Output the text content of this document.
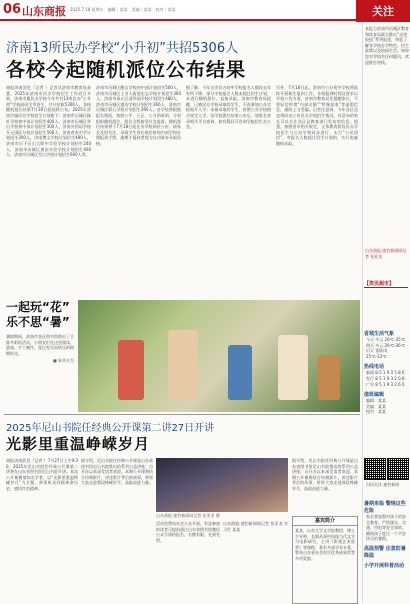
06 山东商报 2025.7.18 星期五　编辑｜某某　美编｜某某　校对｜某某	关注
济南13所民办学校“小升初”共招5306人
各校今起随机派位公布结果
商报济南消息（记者 ）记者从济南市教育局获悉，2025年济南市民办学校招生工作近日开展，济南市属民办学校今年共有13所民办“小升初”学校面向全市招生，共计招收5306人，各校随机派位结果7月18日起陆续公布。2025年济南市属民办学校招生计划如下：济南市历城区稼轩学校初中部计划招生400人，济南市历城区华山学校初中部计划招生300人，济南外国语学校开元国际分校计划招生500人，济南育英中学计划招生300人，济南博文学校计划招生480人，济南市历下区山大附中实验学校计划招生240人，济南市历城区唐冶实验学校计划招生400人，济南市历城区雪山学校计划招生600人等。
济南市历城区鲍山学校初中部计划招生500人，济南市历城区王舍人街道宏志学校计划招生360人，济南市章丘区清华园学校计划招生480人，济南市历城区港沟学校计划招生366人，济南市历城区彩石学校计划招生380人。各学校将根据报名情况，按照公平、公正、公开的原则，分别组织随机派位，派位全程接受社会监督。随机派位结果将于7月18日起在各学校网站公布，请家长及时关注。录取学生须在规定时间内到学校办理报到手续，逾期不报到者视为自动放弃录取资格。
据了解，今年全市民办初中学校报名人数较去年有所下降，部分学校报名人数未超过招生计划，未进行随机派位，直接录取。济南市教育局提醒，已被民办学校录取的学生，不再参加公办学校划片入学；未被录取的学生，按照公办学校相关规定入学。各学校派位结果公布后，请家长登录相关平台查询，如有疑问可咨询学校招生办公室。
另外，7月18日起，济南市公办初中学校将陆续开展新生报到工作，各校报到时间及要求以学校公告为准。济南市教育局还提醒家长，不要轻信所谓“内部名额”“特殊渠道”等虚假信息，谨防上当受骗。记者注意到，今年各区县也将同步公布民办学校招生情况，有意向的家长可以关注各区县教育部门发布的信息。据悉，按照省市相关规定，义务教育阶段民办学校招生与公办学校同步进行，实行“公民同招”，对报名人数超过招生计划的，实行电脑随机录取。
一起玩“花”
乐不思“暑”
暑假期间，济南市各区图书馆推出了丰富多彩的活动，小朋友们在这里阅读、游戏、手工制作，度过充实而快乐的假期时光。
■ 新华社发
本报与济南市历城区教育和体育局联合推出“走进校园”系列报道，带您了解各学校办学特色、招生政策以及校园生活。如果您对学校有任何疑问，欢迎拨打热线。
山东商报·速豹新闻网记者 张亚龙
【资讯超市】
省城生活气象
今天 多云 26℃-35℃
明天 多云 26℃-36℃
后天 雷阵雨 25℃-33℃
热线电话
新闻 8 5 1 9 3 5 8 6
发行 8 5 1 9 3 2 0 8
广告 8 5 1 9 3 2 6 0
值班编辑
编辑：某某
美编：某某
校对：某某
扫码关注 速豹新闻
暑期来临 警惕这些危险
家长要加强对孩子的安全教育，严防溺水、交通、用电等安全事故，确保孩子度过一个平安快乐的暑假。
高温预警 注意防暑降温
小学开展科普活动
2025年尼山书院任经典公开课第二讲27日开讲
光影里重温峥嵘岁月
商报济南消息（记者 ）7月27日上午9:30，2025年尼山书院任经典公开课第二讲将在山东省图书馆尼山书院开讲。本次公开课邀请知名学者，以“光影里重温峥嵘岁月”为主题，带领听众回顾革命历史，感悟红色精神。
据介绍，尼山书院任经典公开课是山东省图书馆尼山书院推出的系列公益讲座，自开办以来深受读者欢迎。本期公开课将结合经典影片，讲述影片背后的故事，带领大家走进那段峥嵘岁月，汲取奋进力量。
山东商报·速豹新闻网记者 张亚龙 摄
活动免费向社会公众开放，有意参加的读者可提前通过山东省图书馆微信公众号预约报名，名额有限，先到先得。
山东商报·速豹新闻网记者 张亚龙 实习生 某某
据介绍，尼山书院任经典公开课是山东省图书馆尼山书院推出的系列公益讲座，自开办以来深受读者欢迎。本期公开课将结合经典影片，讲述影片背后的故事，带领大家走进那段峥嵘岁月，汲取奋进力量。
嘉宾简介
某某，山东大学文学院教授、博士生导师，长期从事中国现当代文学与电影研究，主讲《影视艺术欣赏》等课程，著有多部学术专著，曾获山东省社会科学优秀成果奖等多项奖励。
